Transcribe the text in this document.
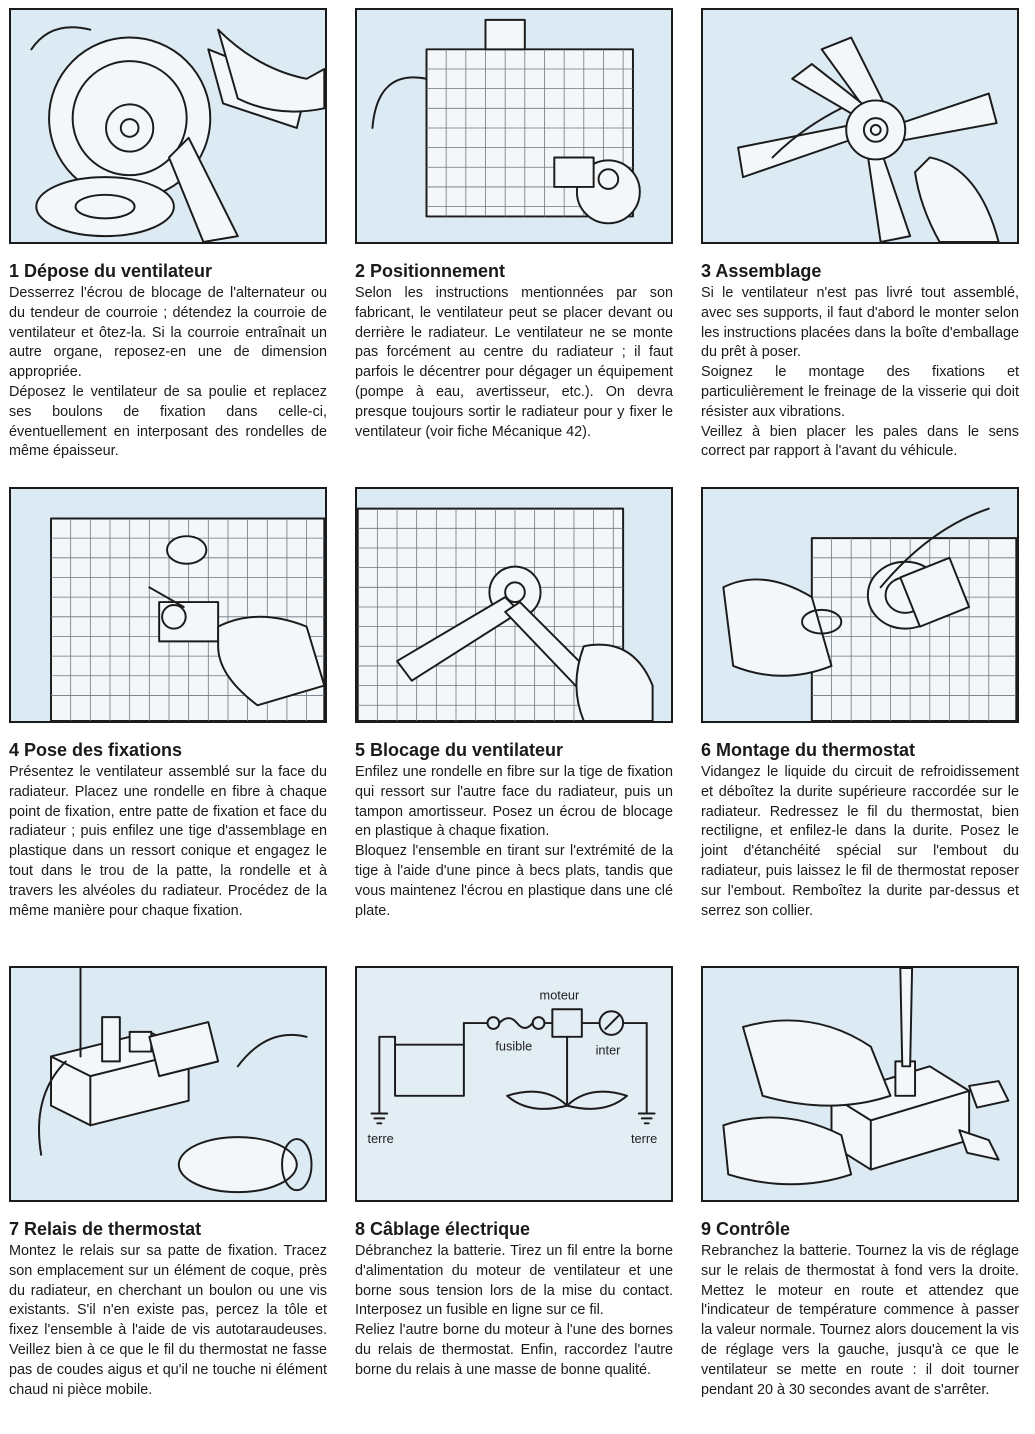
1 Dépose du ventilateur

Desserrez l'écrou de blocage de l'alternateur ou du tendeur de courroie ; détendez la courroie de ventilateur et ôtez-la. Si la courroie entraînait un autre organe, reposez-en une de dimension appropriée.

Déposez le ventilateur de sa poulie et replacez ses boulons de fixation dans celle-ci, éventuellement en interposant des rondelles de même épaisseur.

2 Positionnement

Selon les instructions mentionnées par son fabricant, le ventilateur peut se placer devant ou derrière le radiateur. Le ventilateur ne se monte pas forcément au centre du radiateur ; il faut parfois le décentrer pour dégager un équipement (pompe à eau, avertisseur, etc.). On devra presque toujours sortir le radiateur pour y fixer le ventilateur (voir fiche Mécanique 42).

3 Assemblage

Si le ventilateur n'est pas livré tout assemblé, avec ses supports, il faut d'abord le monter selon les instructions placées dans la boîte d'emballage du prêt à poser.

Soignez le montage des fixations et particulièrement le freinage de la visserie qui doit résister aux vibrations.

Veillez à bien placer les pales dans le sens correct par rapport à l'avant du véhicule.

4 Pose des fixations

Présentez le ventilateur assemblé sur la face du radiateur. Placez une rondelle en fibre à chaque point de fixation, entre patte de fixation et face du radiateur ; puis enfilez une tige d'assemblage en plastique dans un ressort conique et engagez le tout dans le trou de la patte, la rondelle et à travers les alvéoles du radiateur. Procédez de la même manière pour chaque fixation.

5 Blocage du ventilateur

Enfilez une rondelle en fibre sur la tige de fixation qui ressort sur l'autre face du radiateur, puis un tampon amortisseur. Posez un écrou de blocage en plastique à chaque fixation.

Bloquez l'ensemble en tirant sur l'extrémité de la tige à l'aide d'une pince à becs plats, tandis que vous maintenez l'écrou en plastique dans une clé plate.

6 Montage du thermostat

Vidangez le liquide du circuit de refroidissement et déboîtez la durite supérieure raccordée sur le radiateur. Redressez le fil du thermostat, bien rectiligne, et enfilez-le dans la durite. Posez le joint d'étanchéité spécial sur l'embout du radiateur, puis laissez le fil de thermostat reposer sur l'embout. Remboîtez la durite par-dessus et serrez son collier.

7 Relais de thermostat

Montez le relais sur sa patte de fixation. Tracez son emplacement sur un élément de coque, près du radiateur, en cherchant un boulon ou une vis existants. S'il n'en existe pas, percez la tôle et fixez l'ensemble à l'aide de vis autotaraudeuses. Veillez bien à ce que le fil du thermostat ne fasse pas de coudes aigus et qu'il ne touche ni élément chaud ni pièce mobile.

fusible
moteur
inter
terre	terre
8 Câblage électrique

Débranchez la batterie. Tirez un fil entre la borne d'alimentation du moteur de ventilateur et une borne sous tension lors de la mise du contact. Interposez un fusible en ligne sur ce fil.

Reliez l'autre borne du moteur à l'une des bornes du relais de thermostat. Enfin, raccordez l'autre borne du relais à une masse de bonne qualité.

9 Contrôle

Rebranchez la batterie. Tournez la vis de réglage sur le relais de thermostat à fond vers la droite. Mettez le moteur en route et attendez que l'indicateur de température commence à passer la valeur normale. Tournez alors doucement la vis de réglage vers la gauche, jusqu'à ce que le ventilateur se mette en route : il doit tourner pendant 20 à 30 secondes avant de s'arrêter.
